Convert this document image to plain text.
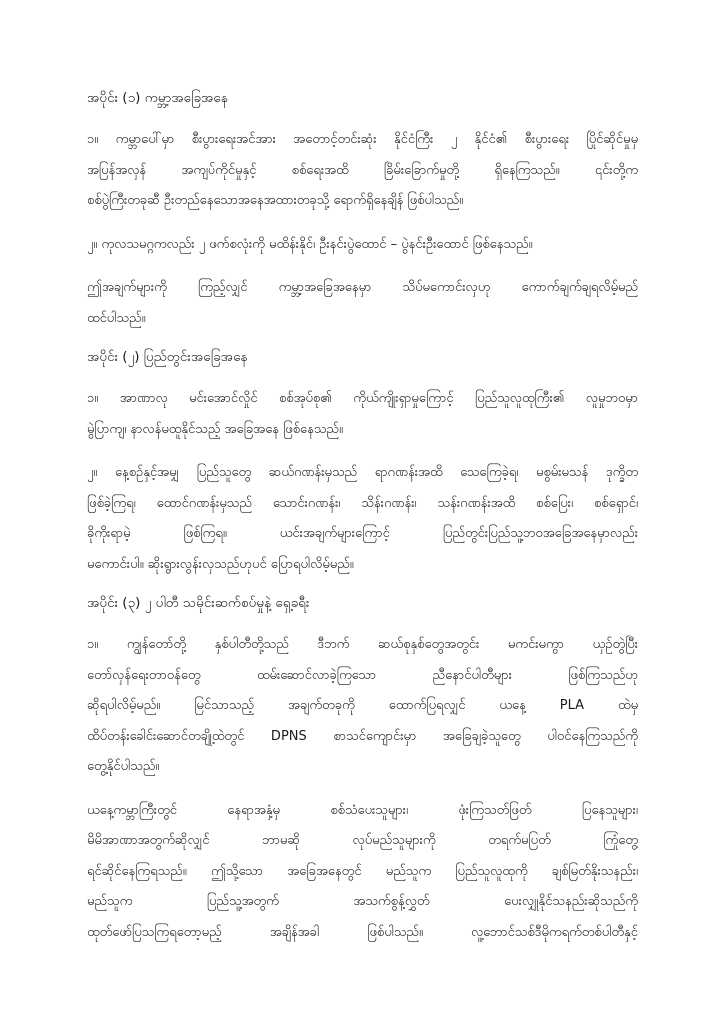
အပိုင်း (၁) ကမ္ဘာ့အခြေအနေ
၁။ ကမ္ဘာပေါ်မှာ စီးပွားရေးအင်အား အတောင့်တင်းဆုံး နိုင်ငံကြီး ၂ နိုင်ငံ၏ စီးပွားရေး ပြိုင်ဆိုင်မှုမှ
အပြန်အလှန် အကျပ်ကိုင်မှုနှင့် စစ်ရေးအထိ ခြိမ်းခြောက်မှုတို့ ရှိနေကြသည်။ ၎င်းတို့က
စစ်ပွဲကြီးတခုဆီ ဦးတည်နေသောအနေအထားတခုသို့ ရောက်ရှိနေချိန် ဖြစ်ပါသည်။
၂။ ကုလသမဂ္ဂကလည်း ၂ ဖက်စလုံးကို မထိန်းနိုင်၊ ဦးနင်းပွဲထောင် – ပွဲနင်းဦးထောင် ဖြစ်နေသည်။
ဤအချက်များကို ကြည့်လျှင် ကမ္ဘာ့အခြေအနေမှာ သိပ်မကောင်းလှဟု ကောက်ချက်ချရလိမ့်မည်
ထင်ပါသည်။
အပိုင်း (၂) ပြည်တွင်းအခြေအနေ
၁။ အာဏာလု မင်းအောင်လှိုင် စစ်အုပ်စု၏ ကိုယ်ကျိုးရှာမှုကြောင့် ပြည်သူလူထုကြီး၏ လူမှုဘဝမှာ
မွဲပြာကျ၊ နာလန်မထူနိုင်သည့် အခြေအနေ ဖြစ်နေသည်။
၂။ နေ့စဉ်နှင့်အမျှ ပြည်သူတွေ ဆယ်ဂဏန်းမှသည် ရာဂဏန်းအထိ သေကြေခဲ့ရ၊ မစွမ်းမသန် ဒုက္ခိတ
ဖြစ်ခဲ့ကြရ၊ ထောင်ဂဏန်းမှသည် သောင်းဂဏန်း၊ သိန်းဂဏန်း၊ သန်းဂဏန်းအထိ စစ်ပြေး၊ စစ်ရှောင်၊
ခိုကိုးရာမဲ့ ဖြစ်ကြရ။ ယင်းအချက်များကြောင့် ပြည်တွင်းပြည်သူ့ဘဝအခြေအနေမှာလည်း
မကောင်းပါ။ ဆိုးရွားလွန်းလှသည်ဟုပင် ပြောရပါလိမ့်မည်။
အပိုင်း (၃) ၂ ပါတီ သမိုင်းဆက်စပ်မှုနဲ့ ရှေ့ခရီး
၁။ ကျွန်တော်တို့ နှစ်ပါတီတို့သည် ဒီဘက် ဆယ်စုနှစ်တွေအတွင်း မကင်းမကွာ ယှဉ်တွဲပြီး
တော်လှန်ရေးတာဝန်တွေ ထမ်းဆောင်လာခဲ့ကြသော ညီနောင်ပါတီများ ဖြစ်ကြသည်ဟု
ဆိုရပါလိမ့်မည်။ မြင်သာသည့် အချက်တခုကို ထောက်ပြရလျှင် ယနေ့ PLA ထဲမှ
ထိပ်တန်းခေါင်းဆောင်တချို့ထဲတွင် DPNS စာသင်ကျောင်းမှာ အခြေချခဲ့သူတွေ ပါဝင်နေကြသည်ကို
တွေ့နိုင်ပါသည်။
ယနေ့ကမ္ဘာကြီးတွင် နေရာအနှံ့မှ စစ်သံပေးသူများ၊ ဖုံးကြသတ်ဖြတ် ပြနေသူများ၊
မိမိအာဏာအတွက်ဆိုလျှင် ဘာမဆို လုပ်မည်သူများကို တရက်မပြတ် ကြုံတွေ့
ရင်ဆိုင်နေကြရသည်။ ဤသို့သော အခြေအနေတွင် မည်သူက ပြည်သူလူထုကို ချစ်မြတ်နိုးသနည်း၊
မည်သူက ပြည်သူ့အတွက် အသက်စွန့်လွှတ် ပေးလျှုနိုင်သနည်းဆိုသည်ကို
ထုတ်ဖော်ပြသကြရတော့မည့် အချိန်အခါ ဖြစ်ပါသည်။ လူ့ဘောင်သစ်ဒီမိုကရက်တစ်ပါတီနှင့်
